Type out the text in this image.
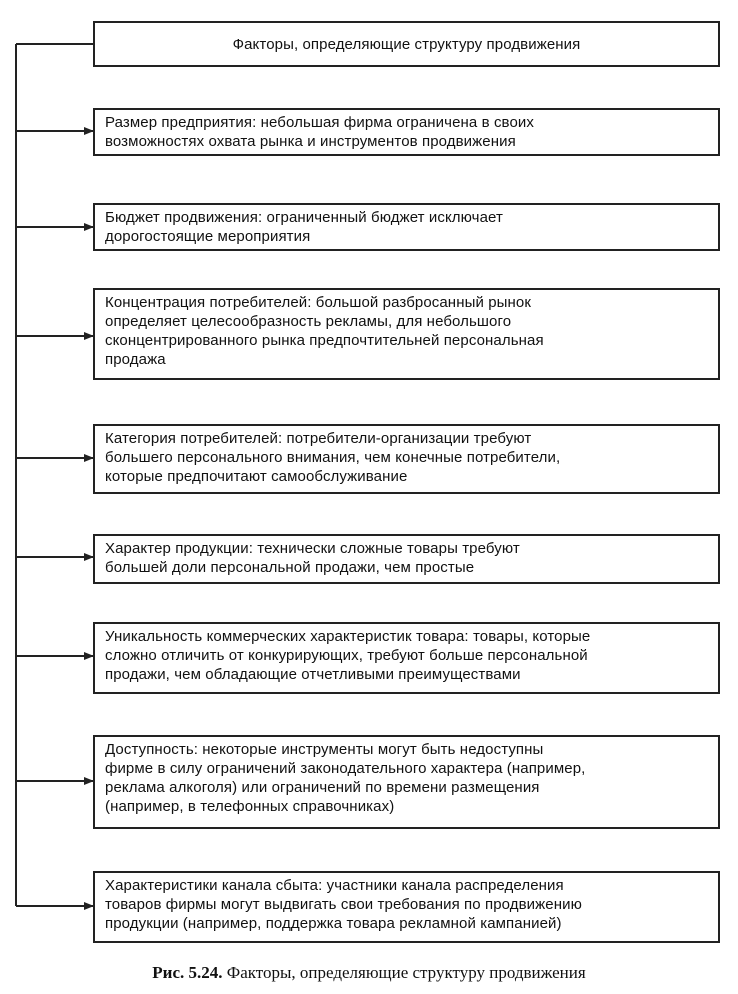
Факторы, определяющие структуру продвижения
Размер предприятия: небольшая фирма ограничена в своих
возможностях охвата рынка и инструментов продвижения
Бюджет продвижения: ограниченный бюджет исключает
дорогостоящие мероприятия
Концентрация потребителей: большой разбросанный рынок
определяет целесообразность рекламы, для небольшого
сконцентрированного рынка предпочтительней персональная
продажа
Категория потребителей: потребители-организации требуют
большего персонального внимания, чем конечные потребители,
которые предпочитают самообслуживание
Характер продукции: технически сложные товары требуют
большей доли персональной продажи, чем простые
Уникальность коммерческих характеристик товара: товары, которые
сложно отличить от конкурирующих, требуют больше персональной
продажи, чем обладающие отчетливыми преимуществами
Доступность: некоторые инструменты могут быть недоступны
фирме в силу ограничений законодательного характера (например,
реклама алкоголя) или ограничений по времени размещения
(например, в телефонных справочниках)
Характеристики канала сбыта: участники канала распределения
товаров фирмы могут выдвигать свои требования по продвижению
продукции (например, поддержка товара рекламной кампанией)
Рис. 5.24. Факторы, определяющие структуру продвижения
